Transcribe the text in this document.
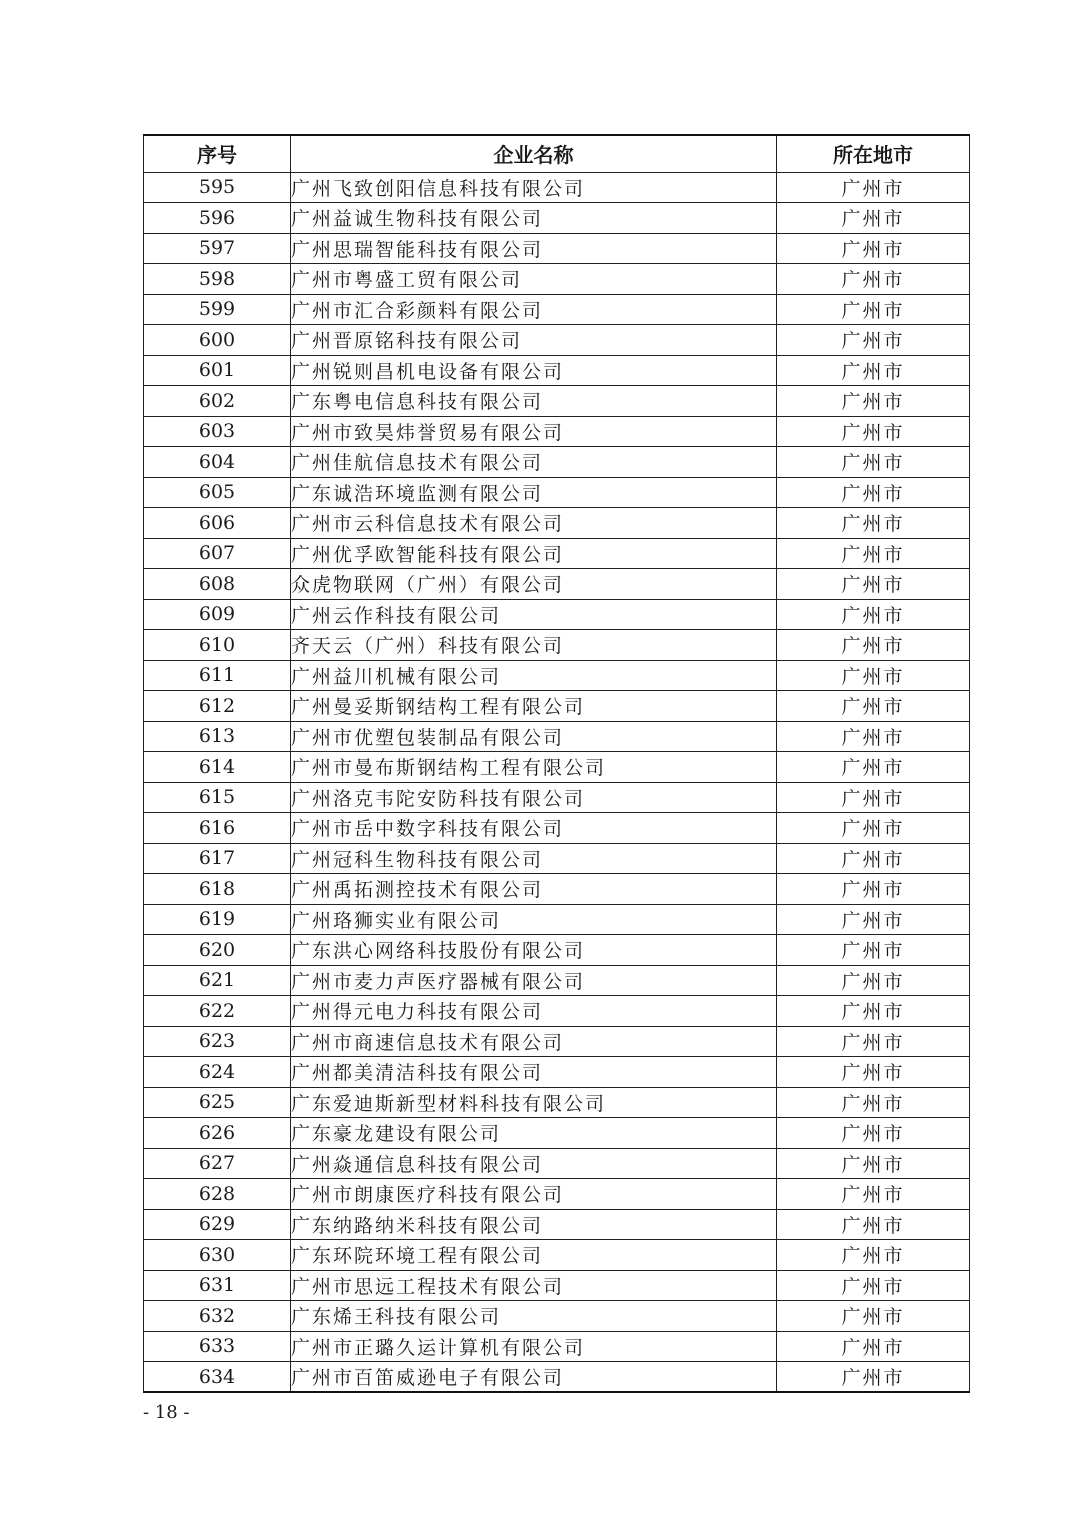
序号	企业名称	所在地市
595	广州飞致创阳信息科技有限公司	广州市
596	广州益诚生物科技有限公司	广州市
597	广州思瑞智能科技有限公司	广州市
598	广州市粤盛工贸有限公司	广州市
599	广州市汇合彩颜料有限公司	广州市
600	广州晋原铭科技有限公司	广州市
601	广州锐则昌机电设备有限公司	广州市
602	广东粤电信息科技有限公司	广州市
603	广州市致昊炜誉贸易有限公司	广州市
604	广州佳航信息技术有限公司	广州市
605	广东诚浩环境监测有限公司	广州市
606	广州市云科信息技术有限公司	广州市
607	广州优孚欧智能科技有限公司	广州市
608	众虎物联网（广州）有限公司	广州市
609	广州云作科技有限公司	广州市
610	齐天云（广州）科技有限公司	广州市
611	广州益川机械有限公司	广州市
612	广州曼妥斯钢结构工程有限公司	广州市
613	广州市优塑包装制品有限公司	广州市
614	广州市曼布斯钢结构工程有限公司	广州市
615	广州洛克韦陀安防科技有限公司	广州市
616	广州市岳中数字科技有限公司	广州市
617	广州冠科生物科技有限公司	广州市
618	广州禹拓测控技术有限公司	广州市
619	广州珞狮实业有限公司	广州市
620	广东洪心网络科技股份有限公司	广州市
621	广州市麦力声医疗器械有限公司	广州市
622	广州得元电力科技有限公司	广州市
623	广州市商速信息技术有限公司	广州市
624	广州都美清洁科技有限公司	广州市
625	广东爱迪斯新型材料科技有限公司	广州市
626	广东豪龙建设有限公司	广州市
627	广州焱通信息科技有限公司	广州市
628	广州市朗康医疗科技有限公司	广州市
629	广东纳路纳米科技有限公司	广州市
630	广东环院环境工程有限公司	广州市
631	广州市思远工程技术有限公司	广州市
632	广东烯王科技有限公司	广州市
633	广州市正璐久运计算机有限公司	广州市
634	广州市百笛威逊电子有限公司	广州市
- 18 -
